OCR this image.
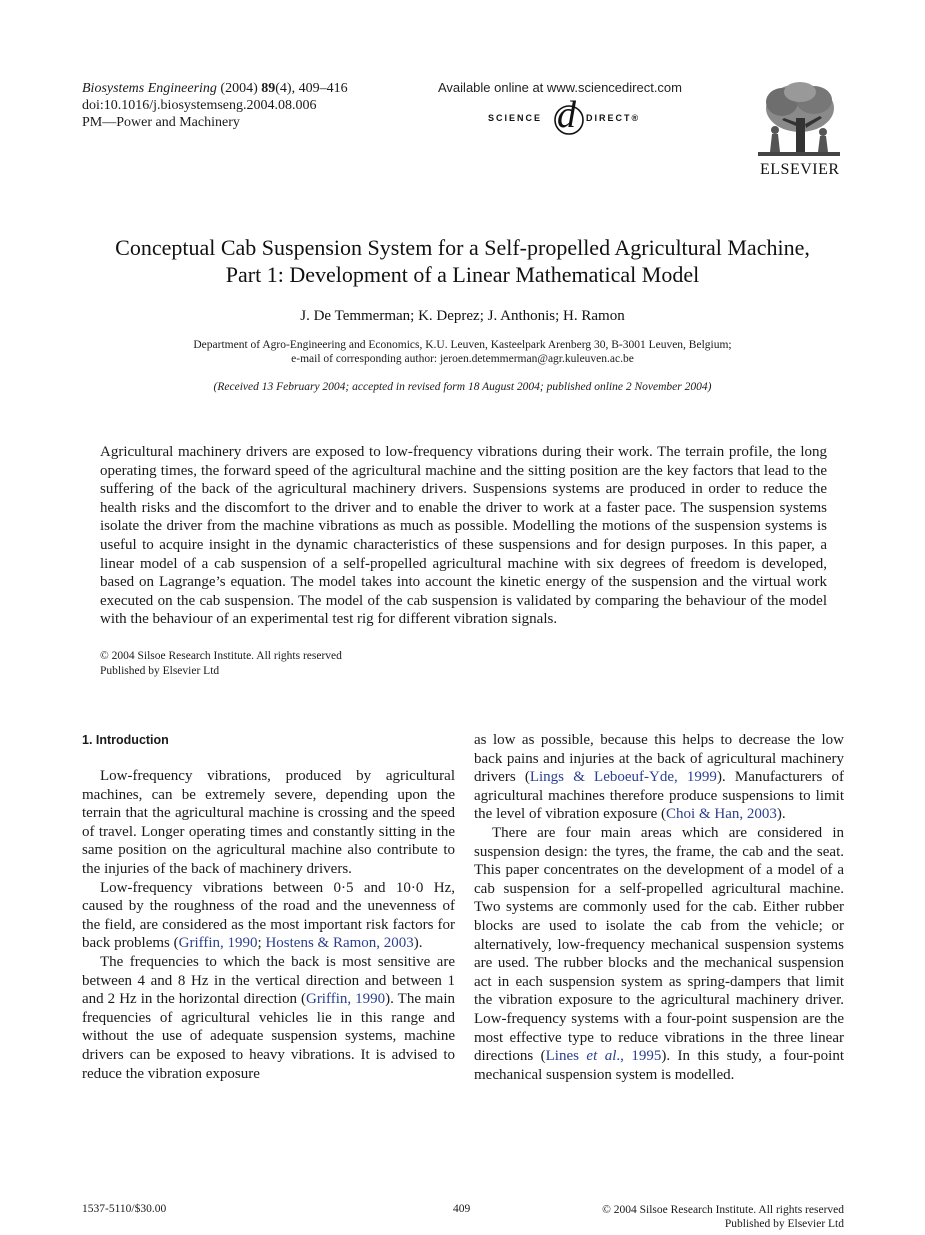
Biosystems Engineering (2004) 89(4), 409–416
doi:10.1016/j.biosystemseng.2004.08.006
PM—Power and Machinery
Available online at www.sciencedirect.com
SCIENCE d DIRECT®
ELSEVIER
Conceptual Cab Suspension System for a Self-propelled Agricultural Machine,
Part 1: Development of a Linear Mathematical Model
J. De Temmerman; K. Deprez; J. Anthonis; H. Ramon
Department of Agro-Engineering and Economics, K.U. Leuven, Kasteelpark Arenberg 30, B-3001 Leuven, Belgium;
e-mail of corresponding author: jeroen.detemmerman@agr.kuleuven.ac.be
(Received 13 February 2004; accepted in revised form 18 August 2004; published online 2 November 2004)

Agricultural machinery drivers are exposed to low-frequency vibrations during their work. The terrain profile, the long operating times, the forward speed of the agricultural machine and the sitting position are the key factors that lead to the suffering of the back of the agricultural machinery drivers. Suspensions systems are produced in order to reduce the health risks and the discomfort to the driver and to enable the driver to work at a faster pace. The suspension systems isolate the driver from the machine vibrations as much as possible. Modelling the motions of the suspension systems is useful to acquire insight in the dynamic characteristics of these suspensions and for design purposes. In this paper, a linear model of a cab suspension of a self-propelled agricultural machine with six degrees of freedom is developed, based on Lagrange’s equation. The model takes into account the kinetic energy of the suspension and the virtual work executed on the cab suspension. The model of the cab suspension is validated by comparing the behaviour of the model with the behaviour of an experimental test rig for different vibration signals.

© 2004 Silsoe Research Institute. All rights reserved
Published by Elsevier Ltd
1. Introduction

Low-frequency vibrations, produced by agricultural machines, can be extremely severe, depending upon the terrain that the agricultural machine is crossing and the speed of travel. Longer operating times and constantly sitting in the same position on the agricultural machine also contribute to the injuries of the back of machinery drivers.

Low-frequency vibrations between 0·5 and 10·0 Hz, caused by the roughness of the road and the unevenness of the field, are considered as the most important risk factors for back problems (Griffin, 1990; Hostens & Ramon, 2003).

The frequencies to which the back is most sensitive are between 4 and 8 Hz in the vertical direction and between 1 and 2 Hz in the horizontal direction (Griffin, 1990). The main frequencies of agricultural vehicles lie in this range and without the use of adequate suspension systems, machine drivers can be exposed to heavy vibrations. It is advised to reduce the vibration exposure

as low as possible, because this helps to decrease the low back pains and injuries at the back of agricultural machinery drivers (Lings & Leboeuf-Yde, 1999). Manufacturers of agricultural machines therefore produce suspensions to limit the level of vibration exposure (Choi & Han, 2003).

There are four main areas which are considered in suspension design: the tyres, the frame, the cab and the seat. This paper concentrates on the development of a model of a cab suspension for a self-propelled agricultural machine. Two systems are commonly used for the cab. Either rubber blocks are used to isolate the cab from the vehicle; or alternatively, low-frequency mechanical suspension systems are used. The rubber blocks and the mechanical suspension act in each suspension system as spring-dampers that limit the vibration exposure to the agricultural machinery driver. Low-frequency systems with a four-point suspension are the most effective type to reduce vibrations in the three linear directions (Lines et al., 1995). In this study, a four-point mechanical suspension system is modelled.

1537-5110/$30.00	409	© 2004 Silsoe Research Institute. All rights reserved
Published by Elsevier Ltd
